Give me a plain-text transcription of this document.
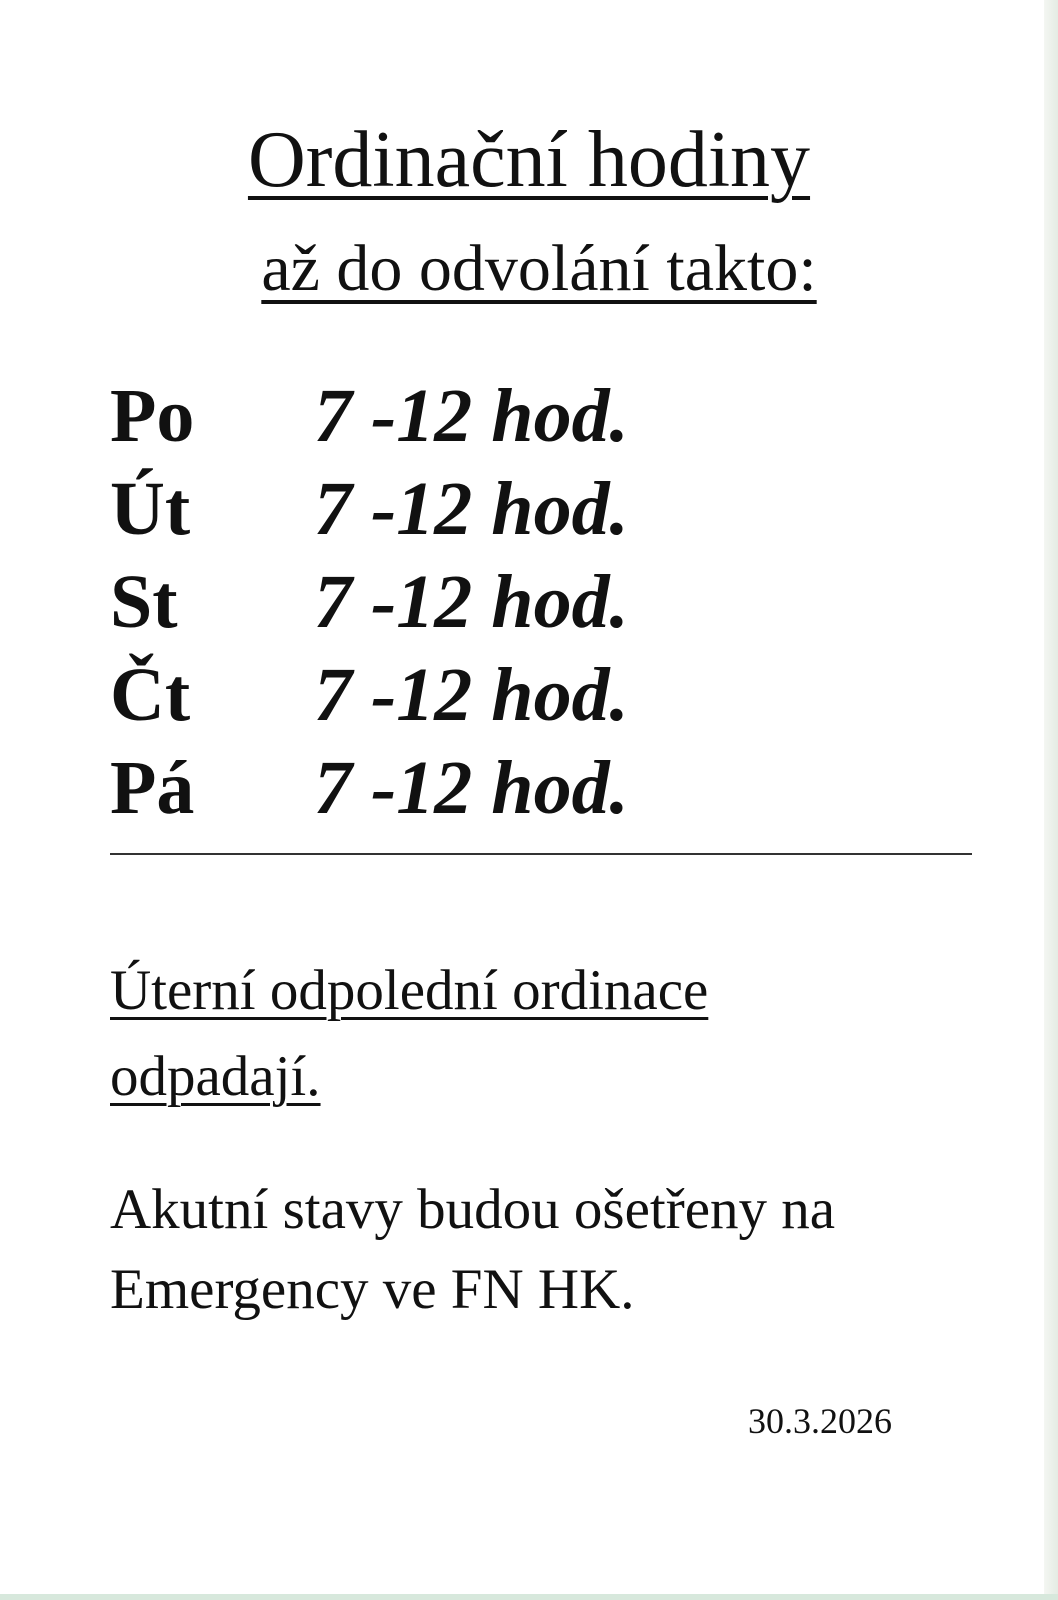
Ordinační hodiny
až do odvolání takto:
Po	7 -12 hod.
Út	7 -12 hod.
St	7 -12 hod.
Čt	7 -12 hod.
Pá	7 -12 hod.
Úterní odpolední ordinace odpadají.
Akutní stavy budou ošetřeny na Emergency ve FN HK.
30.3.2026
